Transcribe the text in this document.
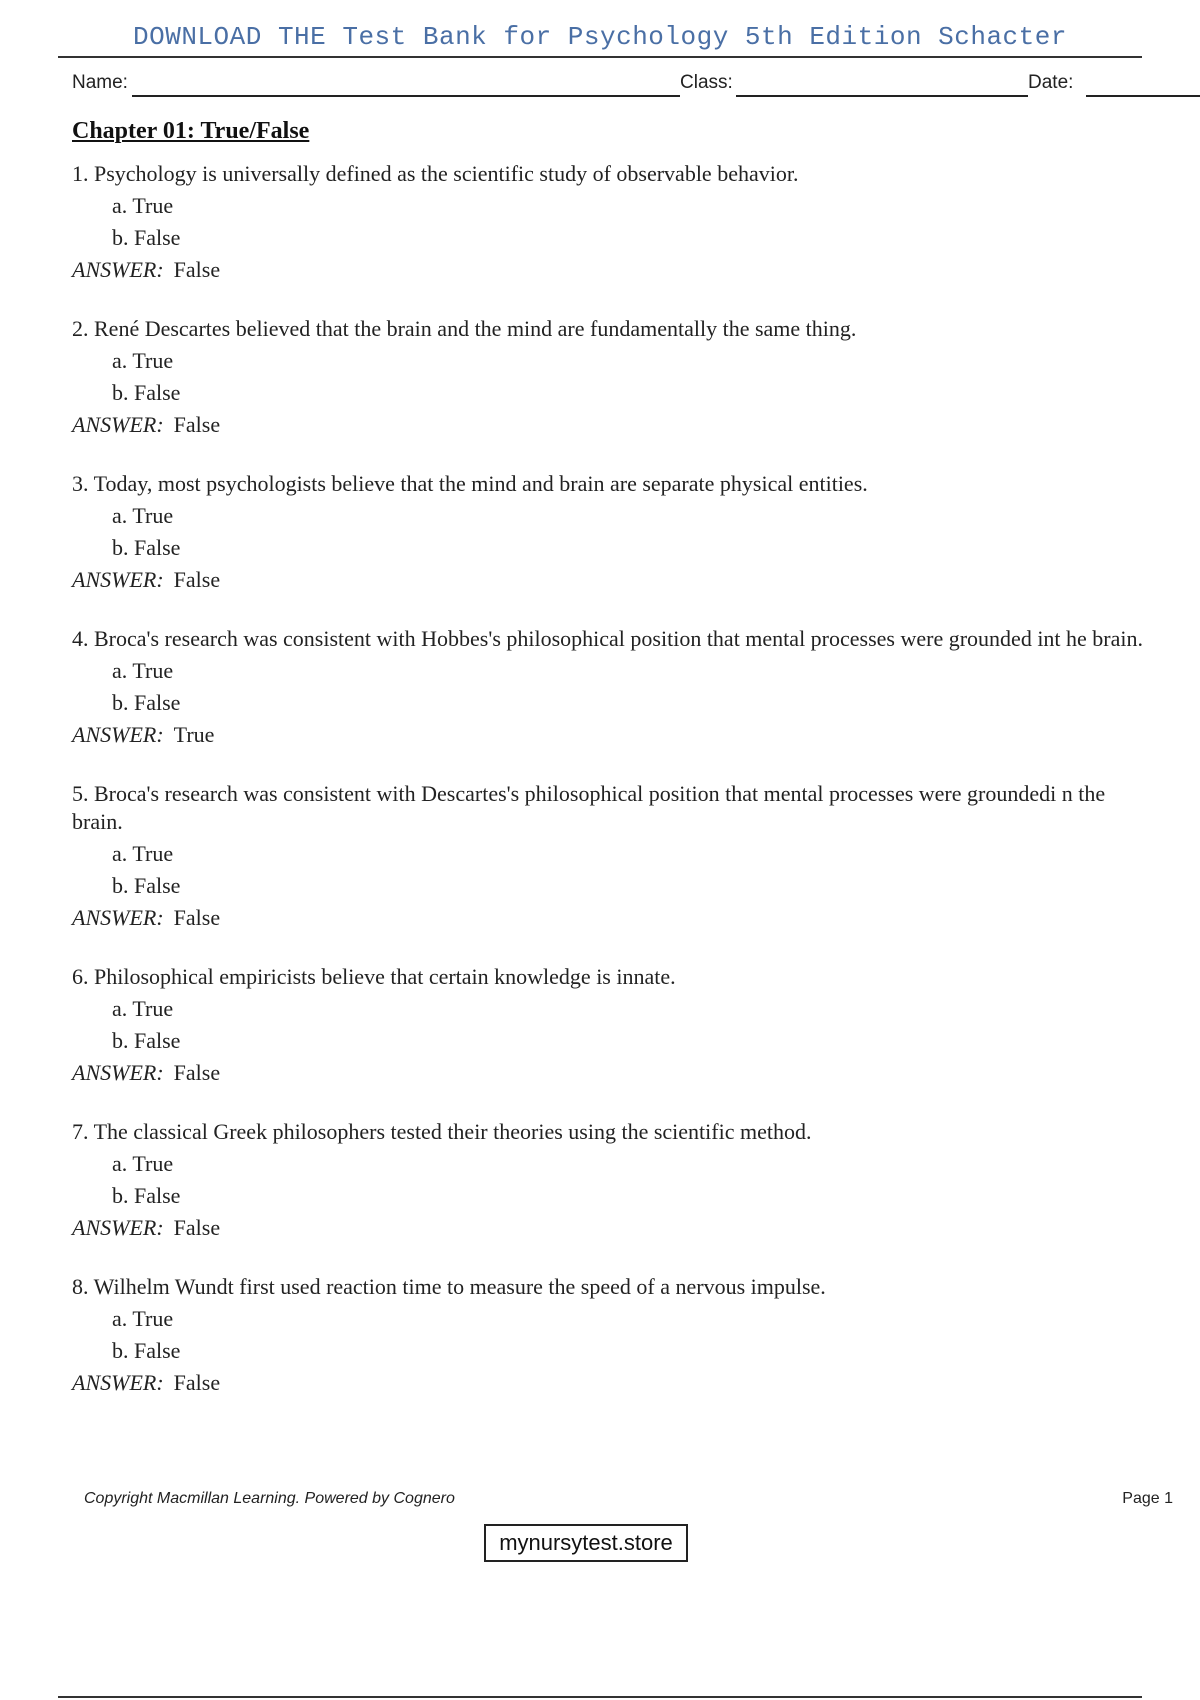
DOWNLOAD THE Test Bank for Psychology 5th Edition Schacter
Name:	Class:	Date:
Chapter 01: True/False

1. Psychology is universally defined as the scientific study of observable behavior.

a. True
b. False
ANSWER: False

2. René Descartes believed that the brain and the mind are fundamentally the same thing.

a. True
b. False
ANSWER: False

3. Today, most psychologists believe that the mind and brain are separate physical entities.

a. True
b. False
ANSWER: False

4. Broca's research was consistent with Hobbes's philosophical position that mental processes were grounded int he brain.

a. True
b. False
ANSWER: True

5. Broca's research was consistent with Descartes's philosophical position that mental processes were groundedi n the brain.

a. True
b. False
ANSWER: False

6. Philosophical empiricists believe that certain knowledge is innate.

a. True
b. False
ANSWER: False

7. The classical Greek philosophers tested their theories using the scientific method.

a. True
b. False
ANSWER: False

8. Wilhelm Wundt first used reaction time to measure the speed of a nervous impulse.

a. True
b. False
ANSWER: False
Copyright Macmillan Learning. Powered by Cognero	Page 1
mynursytest.store
